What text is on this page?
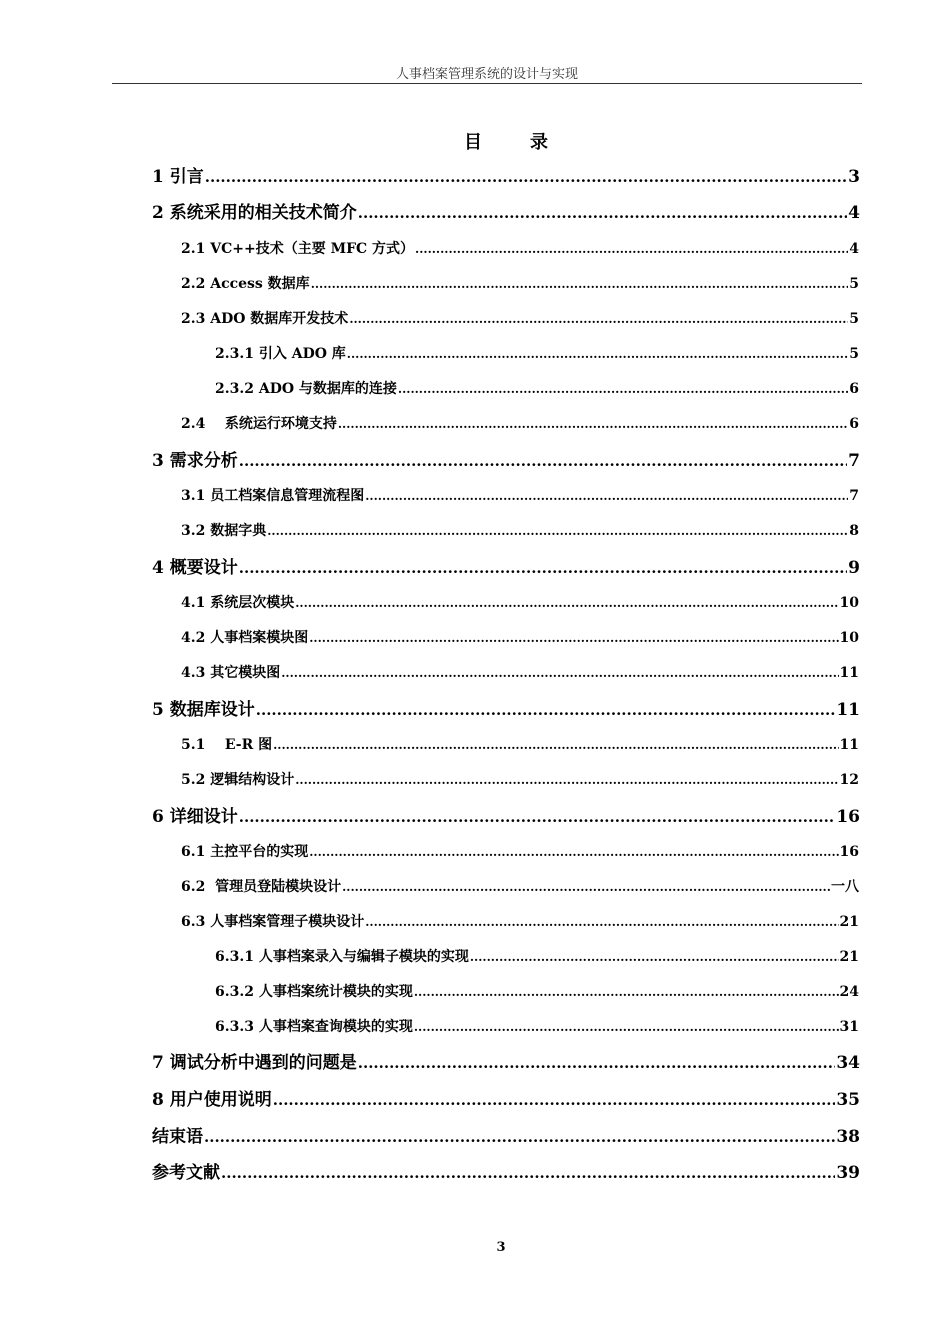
人事档案管理系统的设计与实现
目	录
1 引言 .....	3
2 系统采用的相关技术简介 .....	4
2.1 VC++技术（主要 MFC 方式） .....	4
2.2 Access 数据库 .....	5
2.3 ADO 数据库开发技术 .....	5
2.3.1 引入 ADO 库 .....	5
2.3.2 ADO 与数据库的连接 .....	6
2.4    系统运行环境支持 .....	6
3 需求分析 .....	7
3.1 员工档案信息管理流程图 .....	7
3.2 数据字典 .....	8
4 概要设计 .....	9
4.1 系统层次模块 .....	10
4.2 人事档案模块图 .....	10
4.3 其它模块图 .....	11
5 数据库设计 .....	11
5.1    E-R 图 .....	11
5.2 逻辑结构设计 .....	12
6 详细设计 .....	16
6.1 主控平台的实现 .....	16
6.2  管理员登陆模块设计 .....	一八
6.3 人事档案管理子模块设计 .....	21
6.3.1 人事档案录入与编辑子模块的实现 .....	21
6.3.2 人事档案统计模块的实现 .....	24
6.3.3 人事档案查询模块的实现 .....	31
7 调试分析中遇到的问题是 .....	34
8 用户使用说明 .....	35
结束语 .....	38
参考文献 .....	39
3
